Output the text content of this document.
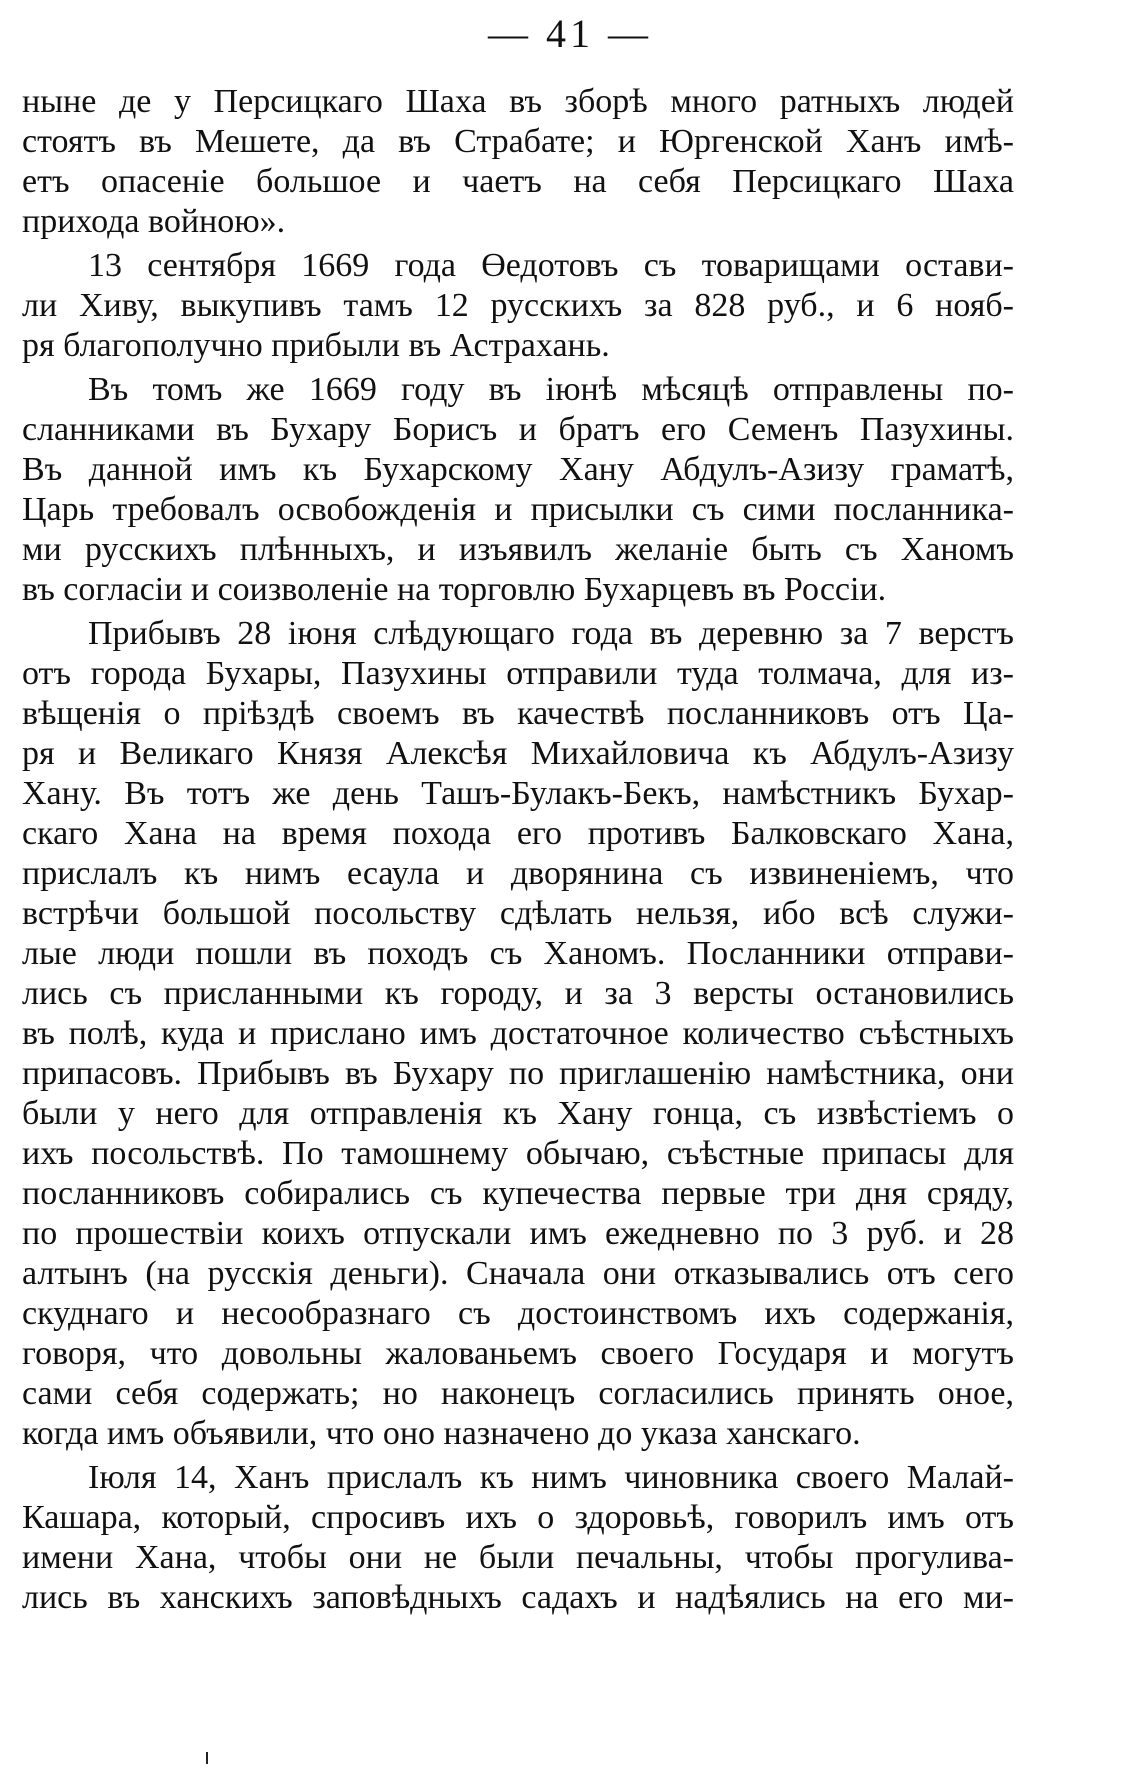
— 41 —
ныне де у Персицкаго Шаха въ зборѣ много ратныхъ людей
стоятъ въ Мешете, да въ Страбате; и Юргенской Ханъ имѣ-
етъ опасеніе большое и чаетъ на себя Персицкаго Шаха
прихода войною».
13 сентября 1669 года Өедотовъ съ товарищами остави-
ли Хиву, выкупивъ тамъ 12 русскихъ за 828 руб., и 6 нояб-
ря благополучно прибыли въ Астрахань.
Въ томъ же 1669 году въ іюнѣ мѣсяцѣ отправлены по-
сланниками въ Бухару Борисъ и братъ его Семенъ Пазухины.
Въ данной имъ къ Бухарскому Хану Абдулъ-Азизу граматѣ,
Царь требовалъ освобожденія и присылки съ сими посланника-
ми русскихъ плѣнныхъ, и изъявилъ желаніе быть съ Ханомъ
въ согласіи и соизволеніе на торговлю Бухарцевъ въ Россіи.
Прибывъ 28 іюня слѣдующаго года въ деревню за 7 верстъ
отъ города Бухары, Пазухины отправили туда толмача, для из-
вѣщенія о пріѣздѣ своемъ въ качествѣ посланниковъ отъ Ца-
ря и Великаго Князя Алексѣя Михайловича къ Абдулъ-Азизу
Хану. Въ тотъ же день Ташъ-Булакъ-Бекъ, намѣстникъ Бухар-
скаго Хана на время похода его противъ Балковскаго Хана,
прислалъ къ нимъ есаула и дворянина съ извиненіемъ, что
встрѣчи большой посольству сдѣлать нельзя, ибо всѣ служи-
лые люди пошли въ походъ съ Ханомъ. Посланники отправи-
лись съ присланными къ городу, и за 3 версты остановились
въ полѣ, куда и прислано имъ достаточное количество съѣстныхъ
припасовъ. Прибывъ въ Бухару по приглашенію намѣстника, они
были у него для отправленія къ Хану гонца, съ извѣстіемъ о
ихъ посольствѣ. По тамошнему обычаю, съѣстные припасы для
посланниковъ собирались съ купечества первые три дня сряду,
по прошествіи коихъ отпускали имъ ежедневно по 3 руб. и 28
алтынъ (на русскія деньги). Сначала они отказывались отъ сего
скуднаго и несообразнаго съ достоинствомъ ихъ содержанія,
говоря, что довольны жалованьемъ своего Государя и могутъ
сами себя содержать; но наконецъ согласились принять оное,
когда имъ объявили, что оно назначено до указа ханскаго.
Іюля 14, Ханъ прислалъ къ нимъ чиновника своего Малай-
Кашара, который, спросивъ ихъ о здоровьѣ, говорилъ имъ отъ
имени Хана, чтобы они не были печальны, чтобы прогулива-
лись въ ханскихъ заповѣдныхъ садахъ и надѣялись на его ми-
